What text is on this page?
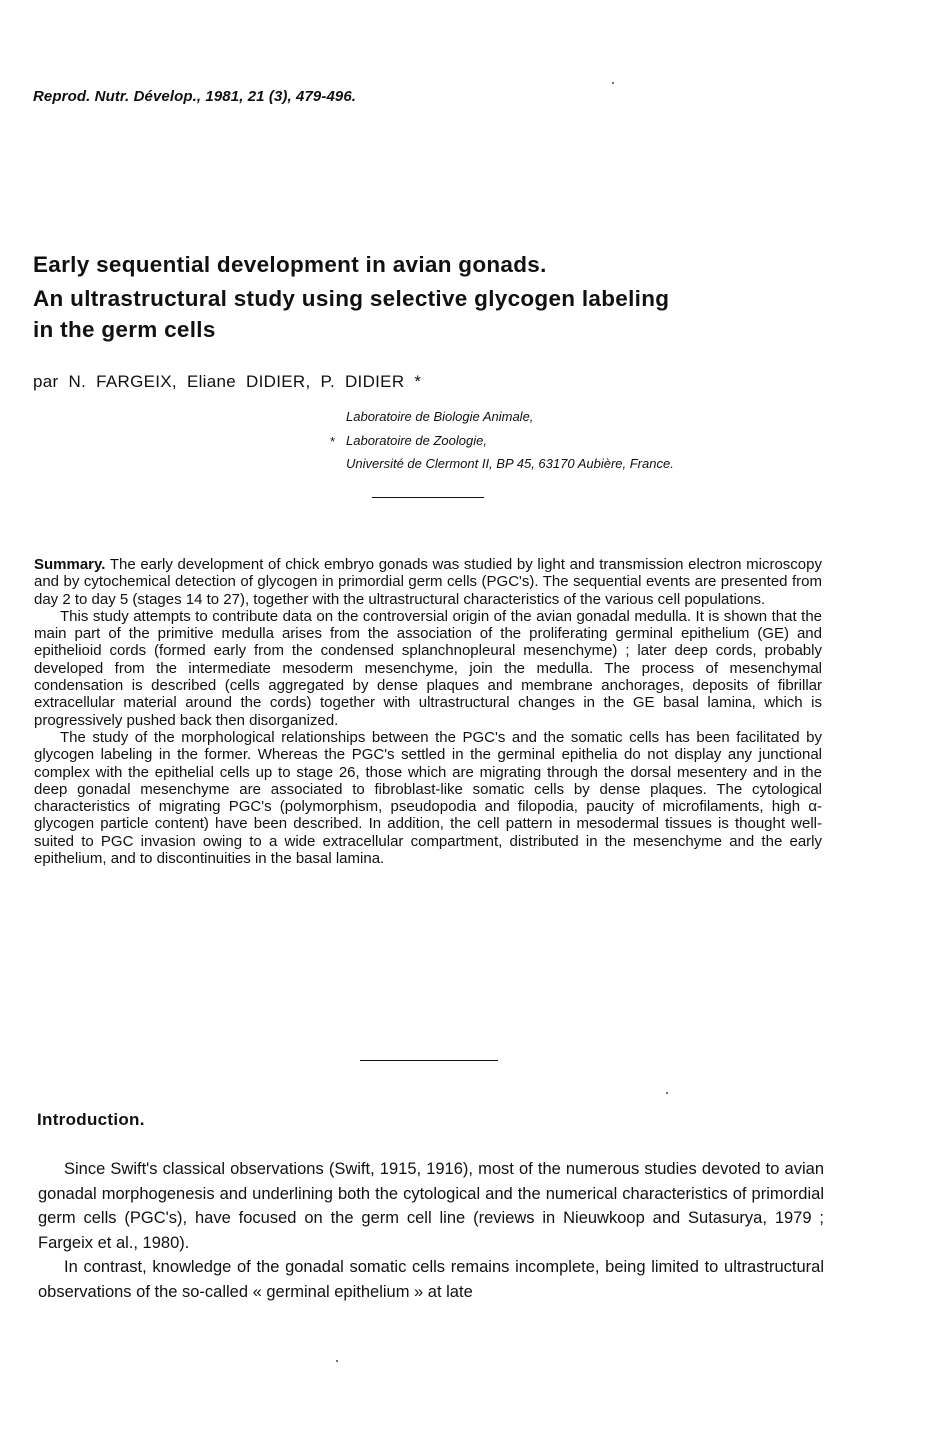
Reprod. Nutr. Dévelop., 1981, 21 (3), 479-496.
Early sequential development in avian gonads.
An ultrastructural study using selective glycogen labeling
in the germ cells
par N. FARGEIX, Eliane DIDIER, P. DIDIER *
Laboratoire de Biologie Animale,
* Laboratoire de Zoologie,
Université de Clermont II, BP 45, 63170 Aubière, France.

Summary. The early development of chick embryo gonads was studied by light and transmission electron microscopy and by cytochemical detection of glycogen in primordial germ cells (PGC's). The sequential events are presented from day 2 to day 5 (stages 14 to 27), together with the ultrastructural characteristics of the various cell populations.

This study attempts to contribute data on the controversial origin of the avian gonadal medulla. It is shown that the main part of the primitive medulla arises from the association of the proliferating germinal epithelium (GE) and epithelioid cords (formed early from the condensed splanchnopleural mesenchyme) ; later deep cords, probably developed from the intermediate mesoderm mesenchyme, join the medulla. The process of mesenchymal condensation is described (cells aggregated by dense plaques and membrane anchorages, deposits of fibrillar extracellular material around the cords) together with ultrastructural changes in the GE basal lamina, which is progressively pushed back then disorganized.

The study of the morphological relationships between the PGC's and the somatic cells has been facilitated by glycogen labeling in the former. Whereas the PGC's settled in the germinal epithelia do not display any junctional complex with the epithelial cells up to stage 26, those which are migrating through the dorsal mesentery and in the deep gonadal mesenchyme are associated to fibroblast-like somatic cells by dense plaques. The cytological characteristics of migrating PGC's (polymorphism, pseudopodia and filopodia, paucity of microfilaments, high α-glycogen particle content) have been described. In addition, the cell pattern in mesodermal tissues is thought well-suited to PGC invasion owing to a wide extracellular compartment, distributed in the mesenchyme and the early epithelium, and to discontinuities in the basal lamina.

Introduction.

Since Swift's classical observations (Swift, 1915, 1916), most of the numerous studies devoted to avian gonadal morphogenesis and underlining both the cytological and the numerical characteristics of primordial germ cells (PGC's), have focused on the germ cell line (reviews in Nieuwkoop and Sutasurya, 1979 ; Fargeix et al., 1980).

In contrast, knowledge of the gonadal somatic cells remains incomplete, being limited to ultrastructural observations of the so-called « germinal epithelium » at late
